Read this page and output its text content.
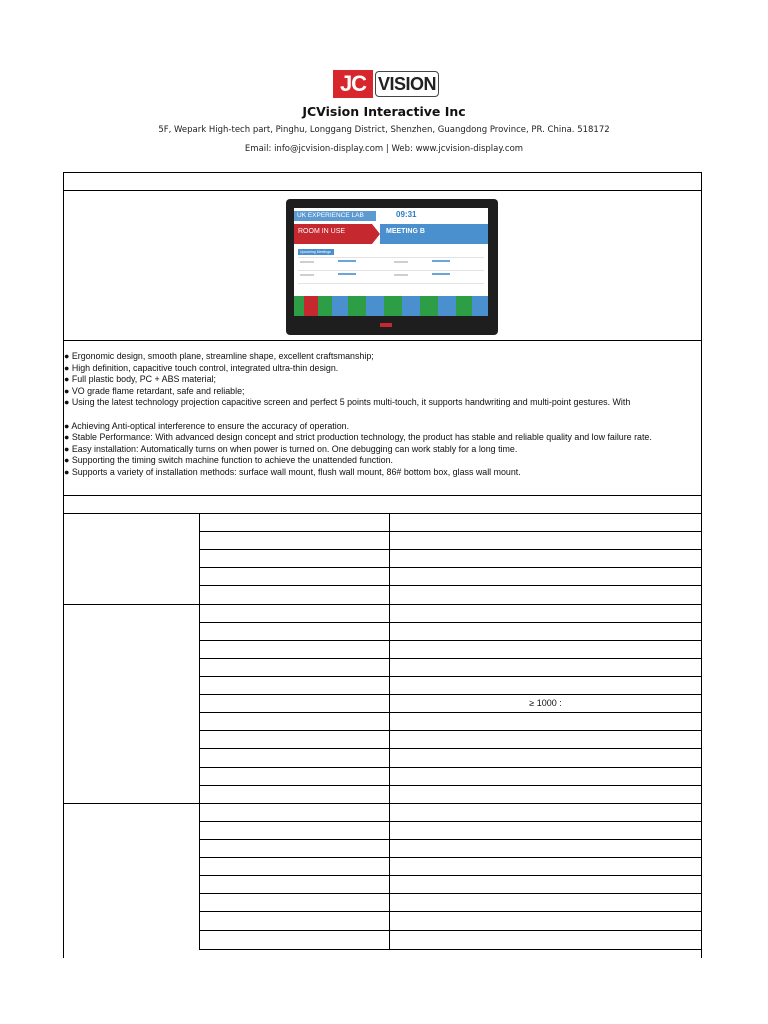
JC VISION
JCVision Interactive Inc
5F, Wepark High-tech part, Pinghu, Longgang District, Shenzhen, Guangdong Province, PR. China. 518172
Email: info@jcvision-display.com | Web: www.jcvision-display.com
UK EXPERIENCE LAB	09:31
ROOM IN USE	MEETING B
Upcoming Meetings
● Ergonomic design, smooth plane, streamline shape, excellent craftsmanship;
● High definition, capacitive touch control, integrated ultra-thin design.
● Full plastic body, PC + ABS material;
● VO grade flame retardant, safe and reliable;
● Using the latest technology projection capacitive screen and perfect 5 points multi-touch, it supports handwriting and multi-point gestures. With
● Achieving Anti-optical interference to ensure the accuracy of operation.
● Stable Performance: With advanced design concept and strict production technology, the product has stable and reliable quality and low failure rate.
● Easy installation: Automatically turns on when power is turned on. One debugging can work stably for a long time.
● Supporting the timing switch machine function to achieve the unattended function.
● Supports a variety of installation methods: surface wall mount, flush wall mount, 86# bottom box, glass wall mount.
≥ 1000 :
